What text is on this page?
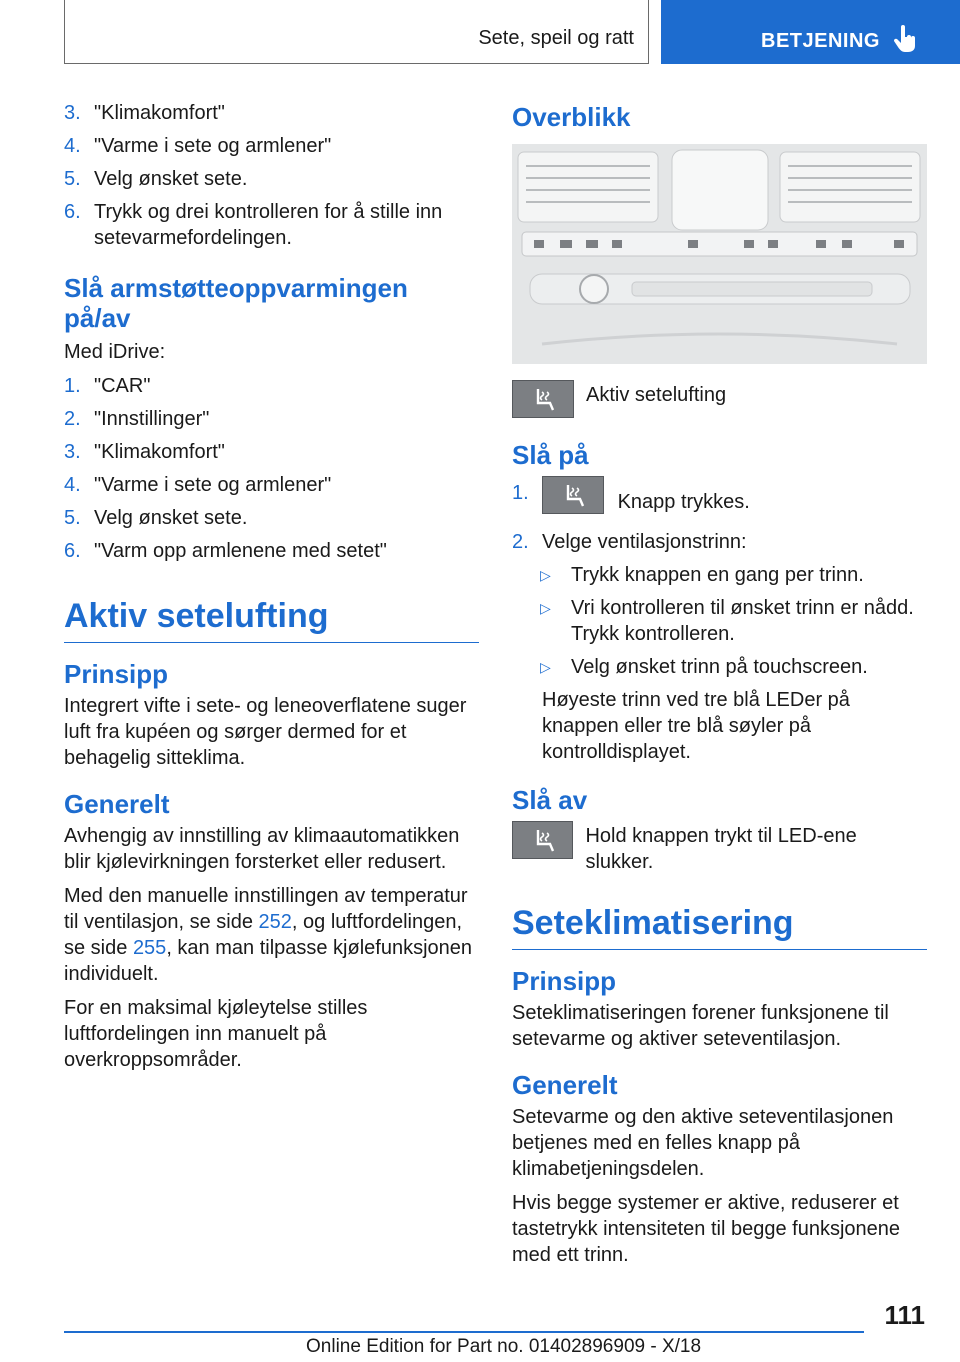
Sete, speil og ratt	BETJENING
3. "Klimakomfort"
4. "Varme i sete og armlener"
5. Velg ønsket sete.
6. Trykk og drei kontrolleren for å stille inn setevarmefordelingen.
Slå armstøtteoppvarmingen på/av

Med iDrive:

1. "CAR"
2. "Innstillinger"
3. "Klimakomfort"
4. "Varme i sete og armlener"
5. Velg ønsket sete.
6. "Varm opp armlenene med setet"
Aktiv setelufting
Prinsipp

Integrert vifte i sete- og leneoverflatene suger luft fra kupéen og sørger dermed for et behagelig sitteklima.

Generelt

Avhengig av innstilling av klimaautomatikken blir kjølevirkningen forsterket eller redusert.

Med den manuelle innstillingen av temperatur til ventilasjon, se side 252, og luftfordelingen, se side 255, kan man tilpasse kjølefunksjonen individuelt.

For en maksimal kjøleytelse stilles luftfordelingen inn manuelt på overkroppsområder.

Overblikk
Aktiv setelufting
Slå på
1.	Knapp trykkes.
2. Velge ventilasjonstrinn:
▷ Trykk knappen en gang per trinn.
▷ Vri kontrolleren til ønsket trinn er nådd. Trykk kontrolleren.
▷ Velg ønsket trinn på touchscreen.

Høyeste trinn ved tre blå LEDer på knappen eller tre blå søyler på kontrolldisplayet.

Slå av
Hold knappen trykt til LED-ene slukker.
Seteklimatisering
Prinsipp

Seteklimatiseringen forener funksjonene til setevarme og aktiver seteventilasjon.

Generelt

Setevarme og den aktive seteventilasjonen betjenes med en felles knapp på klimabetjeningsdelen.

Hvis begge systemer er aktive, reduserer et tastetrykk intensiteten til begge funksjonene med ett trinn.

111
Online Edition for Part no. 01402896909 - X/18
